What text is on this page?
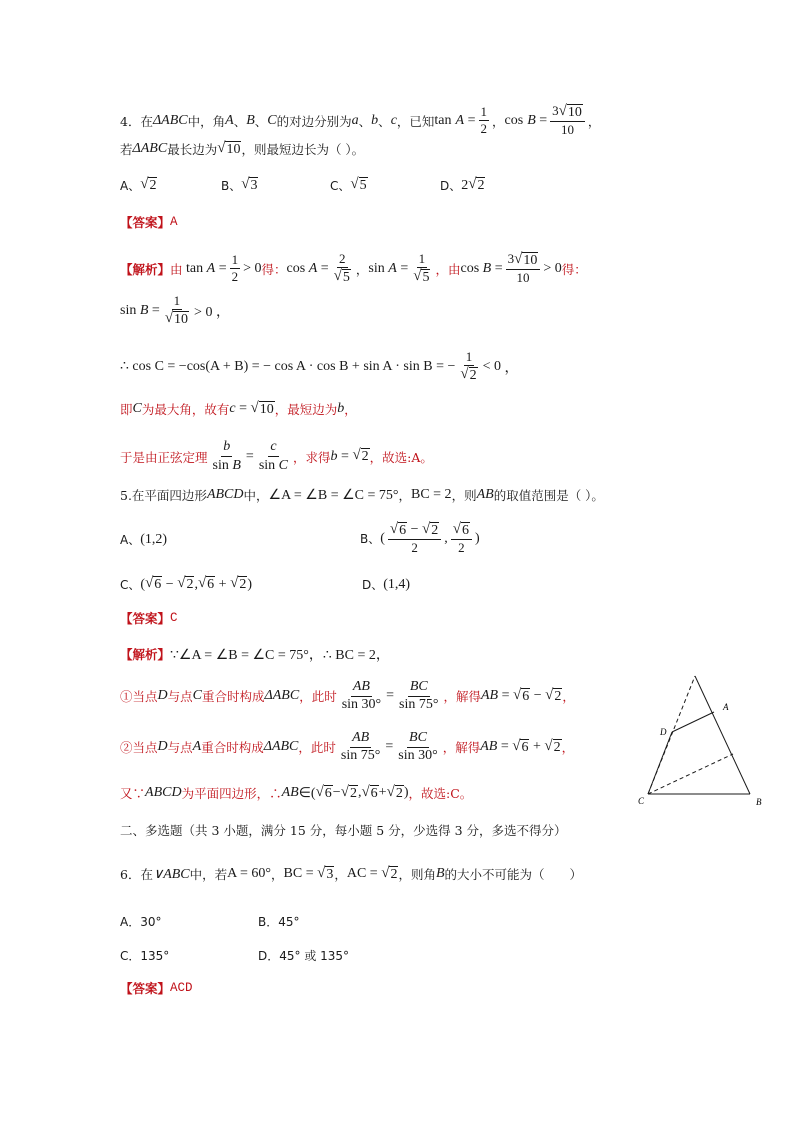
4．在 ΔABC 中，角 A 、 B 、 C 的对边分别为 a 、 b 、 c ，已知 $\tan A = \frac{1}{2}$ ， $\cos B = \frac{3 √ 10}{10}$ ，
若 ΔABC 最长边为 √ 10 ，则最短边长为（ ）。
A、 √ 2	B、 √ 3	C、 √ 5	D、 2 √ 2
【答案】 A
【解析】 由 $\tan A = \frac{1}{2} > 0$ 得： $\cos A = \frac{2}{√ 5}$ ， $\sin A = \frac{1}{√ 5}$ ，由 $\cos B = \frac{3 √ 10}{10} > 0$ 得：
$\sin B = \frac{1}{√ 10} > 0$ ，
∴ cos C = −cos(A + B) = − cos A · cos B + sin A · sin B = − $\frac{1}{√ 2} < 0$ ，
即 C 为最大角，故有 c = √ 10 ，最短边为 b ，
于是由正弦定理 $\frac{b}{\text{sin B}} = \frac{c}{\text{sin C}}$ ，求得 b = √ 2 ，故选:A。
5.在平面四边形 ABCD 中， ∠A = ∠B = ∠C = 75° ， BC = 2 ，则 AB 的取值范围是（ ）。
A、 (1,2)	B、 ( $\frac{√ 6 - √ 2}{2}$ , $\frac{√ 6}{2}$ )
C、 ( √ 6 − √ 2 , √ 6 + √ 2 )	D、 (1,4)
【答案】 C
【解析】 ∵∠A = ∠B = ∠C = 75°，∴ BC = 2，
①当点 D 与点 C 重合时构成 ΔABC ，此时 $\frac{AB}{\sin 30^\circ} = \frac{BC}{\sin 75^\circ}$ ，解得 AB = √ 6 − √ 2 ，
②当点 D 与点 A 重合时构成 ΔABC ，此时 $\frac{AB}{\sin 75^\circ} = \frac{BC}{\sin 30^\circ}$ ，解得 AB = √ 6 + √ 2 ，
又∵ ABCD 为平面四边形，∴ AB ∈( √ 6 − √ 2 , √ 6 + √ 2 ) ，故选:C。
D
A
C	B
二、多选题（共 3 小题，满分 15 分，每小题 5 分，少选得 3 分，多选不得分）
6．在 ∨ABC 中，若 A = 60° ， BC =
√ 3 ， AC =
√ 2 ，则角 B 的大小不可能为（　　）
A．30°	B．45°
C．135°	D．45° 或 135°
【答案】 ACD
